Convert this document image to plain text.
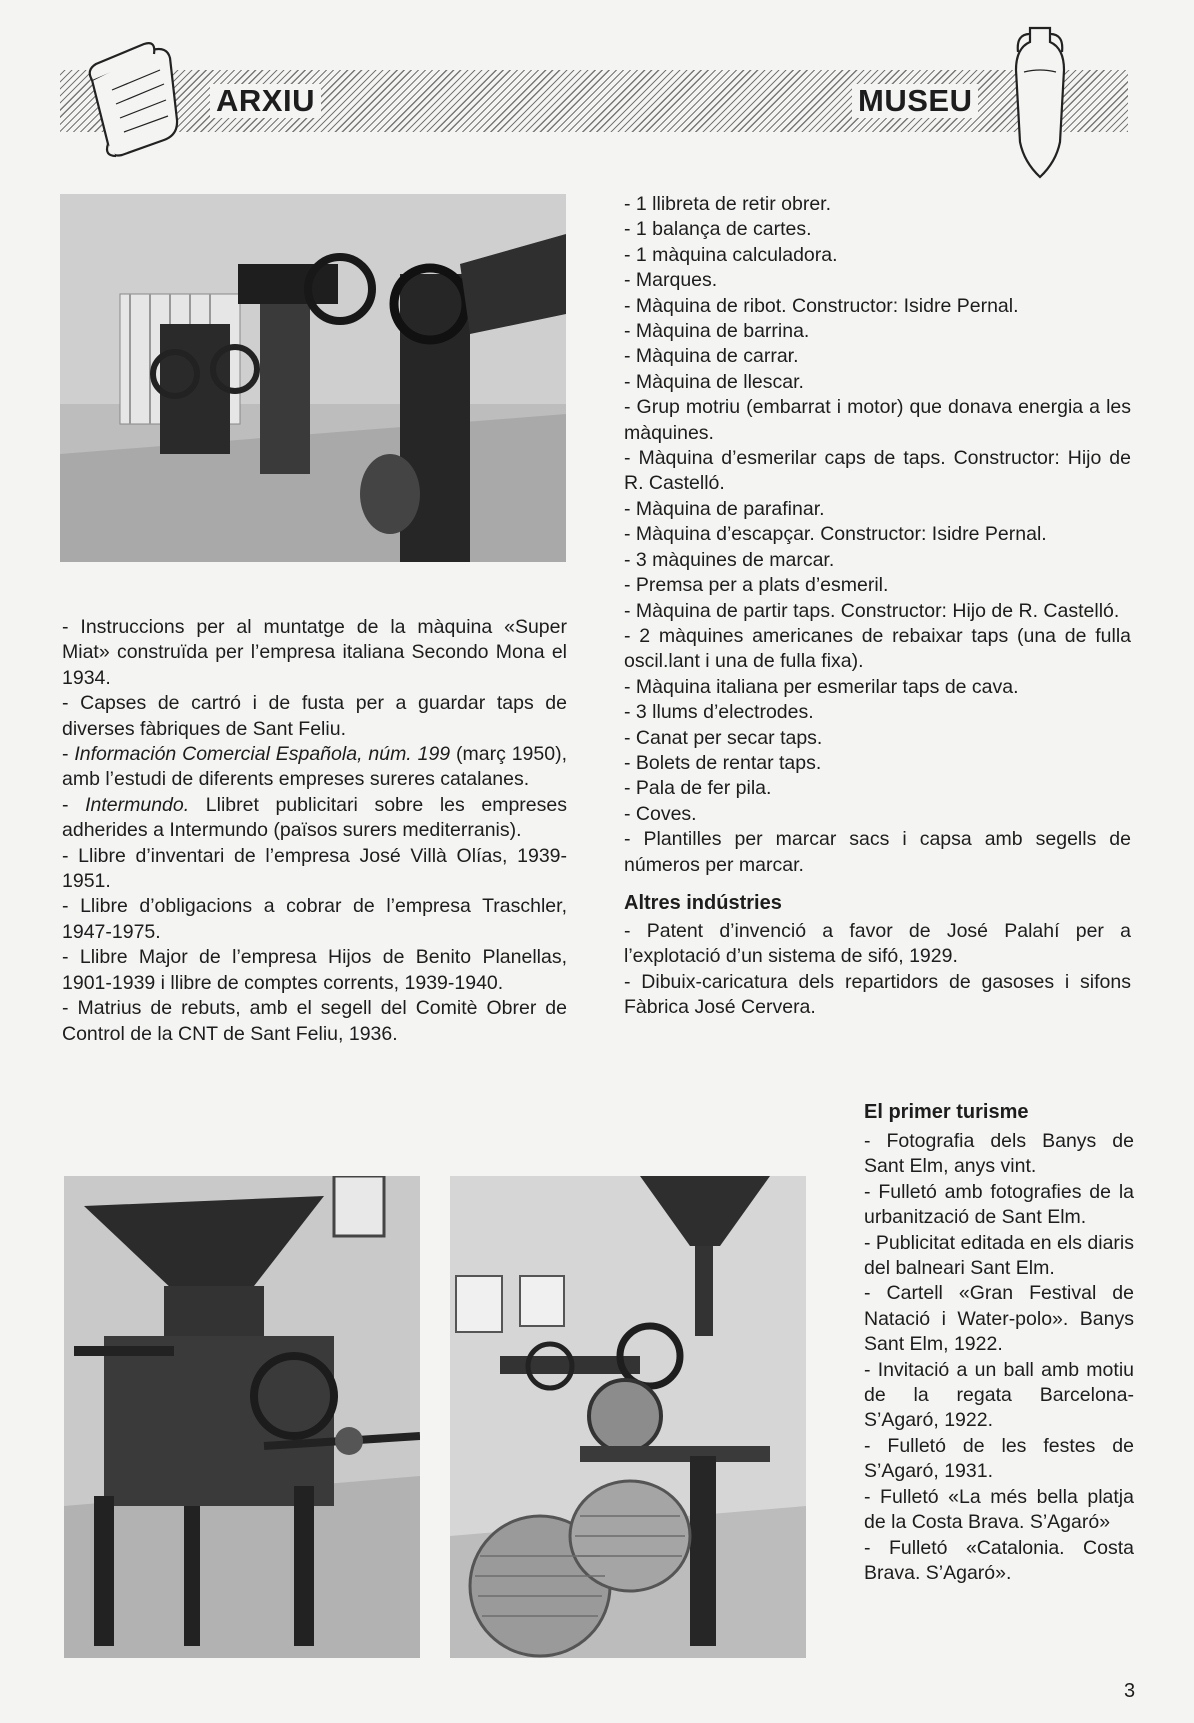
ARXIU	MUSEU

- Instruccions per al muntatge de la màquina «Super Miat» construïda per l’empresa italiana Secondo Mona el 1934.

- Capses de cartró i de fusta per a guardar taps de diverses fàbriques de Sant Feliu.

- Información Comercial Española, núm. 199 (març 1950), amb l’estudi de diferents empreses sureres catalanes.

- Intermundo. Llibret publicitari sobre les empreses adherides a Intermundo (països surers mediterranis).

- Llibre d’inventari de l’empresa José Villà Olías, 1939-1951.

- Llibre d’obligacions a cobrar de l’empresa Traschler, 1947-1975.

- Llibre Major de l’empresa Hijos de Benito Planellas, 1901-1939 i llibre de comptes corrents, 1939-1940.

- Matrius de rebuts, amb el segell del Comitè Obrer de Control de la CNT de Sant Feliu, 1936.

- 1 llibreta de retir obrer.

- 1 balança de cartes.

- 1 màquina calculadora.

- Marques.

- Màquina de ribot. Constructor: Isidre Pernal.

- Màquina de barrina.

- Màquina de carrar.

- Màquina de llescar.

- Grup motriu (embarrat i motor) que donava energia a les màquines.

- Màquina d’esmerilar caps de taps. Constructor: Hijo de R. Castelló.

- Màquina de parafinar.

- Màquina d’escapçar. Constructor: Isidre Pernal.

- 3 màquines de marcar.

- Premsa per a plats d’esmeril.

- Màquina de partir taps. Constructor: Hijo de R. Castelló.

- 2 màquines americanes de rebaixar taps (una de fulla oscil.lant i una de fulla fixa).

- Màquina italiana per esmerilar taps de cava.

- 3 llums d’electrodes.

- Canat per secar taps.

- Bolets de rentar taps.

- Pala de fer pila.

- Coves.

- Plantilles per marcar sacs i capsa amb segells de números per marcar.

Altres indústries

- Patent d’invenció a favor de José Palahí per a l’explotació d’un sistema de sifó, 1929.

- Dibuix-caricatura dels repartidors de gasoses i sifons Fàbrica José Cervera.

El primer turisme

- Fotografia dels Banys de Sant Elm, anys vint.

- Fulletó amb fotografies de la urbanització de Sant Elm.

- Publicitat editada en els diaris del balneari Sant Elm.

- Cartell «Gran Festival de Natació i Water-polo». Banys Sant Elm, 1922.

- Invitació a un ball amb motiu de la regata Barcelona-S’Agaró, 1922.

- Fulletó de les festes de S’Agaró, 1931.

- Fulletó «La més bella platja de la Costa Brava. S’Agaró»

- Fulletó «Catalonia. Costa Brava. S’Agaró».

3
